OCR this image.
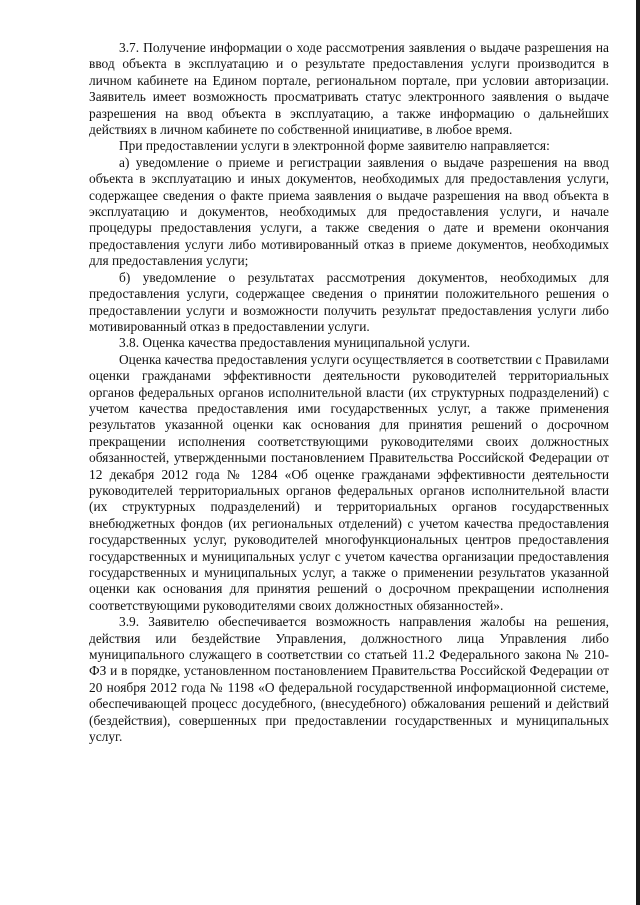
3.7. Получение информации о ходе рассмотрения заявления о выдаче разрешения на ввод объекта в эксплуатацию и о результате предоставления услуги производится в личном кабинете на Едином портале, региональном портале, при условии авторизации. Заявитель имеет возможность просматривать статус электронного заявления о выдаче разрешения на ввод объекта в эксплуатацию, а также информацию о дальнейших действиях в личном кабинете по собственной инициативе, в любое время.

При предоставлении услуги в электронной форме заявителю направляется:

а) уведомление о приеме и регистрации заявления о выдаче разрешения на ввод объекта в эксплуатацию и иных документов, необходимых для предоставления услуги, содержащее сведения о факте приема заявления о выдаче разрешения на ввод объекта в эксплуатацию и документов, необходимых для предоставления услуги, и начале процедуры предоставления услуги, а также сведения о дате и времени окончания предоставления услуги либо мотивированный отказ в приеме документов, необходимых для предоставления услуги;

б) уведомление о результатах рассмотрения документов, необходимых для предоставления услуги, содержащее сведения о принятии положительного решения о предоставлении услуги и возможности получить результат предоставления услуги либо мотивированный отказ в предоставлении услуги.

3.8. Оценка качества предоставления муниципальной услуги.

Оценка качества предоставления услуги осуществляется в соответствии с Правилами оценки гражданами эффективности деятельности руководителей территориальных органов федеральных органов исполнительной власти (их структурных подразделений) с учетом качества предоставления ими государственных услуг, а также применения результатов указанной оценки как основания для принятия решений о досрочном прекращении исполнения соответствующими руководителями своих должностных обязанностей, утвержденными постановлением Правительства Российской Федерации от 12 декабря 2012 года № 1284 «Об оценке гражданами эффективности деятельности руководителей территориальных органов федеральных органов исполнительной власти (их структурных подразделений) и территориальных органов государственных внебюджетных фондов (их региональных отделений) с учетом качества предоставления государственных услуг, руководителей многофункциональных центров предоставления государственных и муниципальных услуг с учетом качества организации предоставления государственных и муниципальных услуг, а также о применении результатов указанной оценки как основания для принятия решений о досрочном прекращении исполнения соответствующими руководителями своих должностных обязанностей».

3.9. Заявителю обеспечивается возможность направления жалобы на решения, действия или бездействие Управления, должностного лица Управления либо муниципального служащего в соответствии со статьей 11.2 Федерального закона № 210-ФЗ и в порядке, установленном постановлением Правительства Российской Федерации от 20 ноября 2012 года № 1198 «О федеральной государственной информационной системе, обеспечивающей процесс досудебного, (внесудебного) обжалования решений и действий (бездействия), совершенных при предоставлении государственных и муниципальных услуг.
